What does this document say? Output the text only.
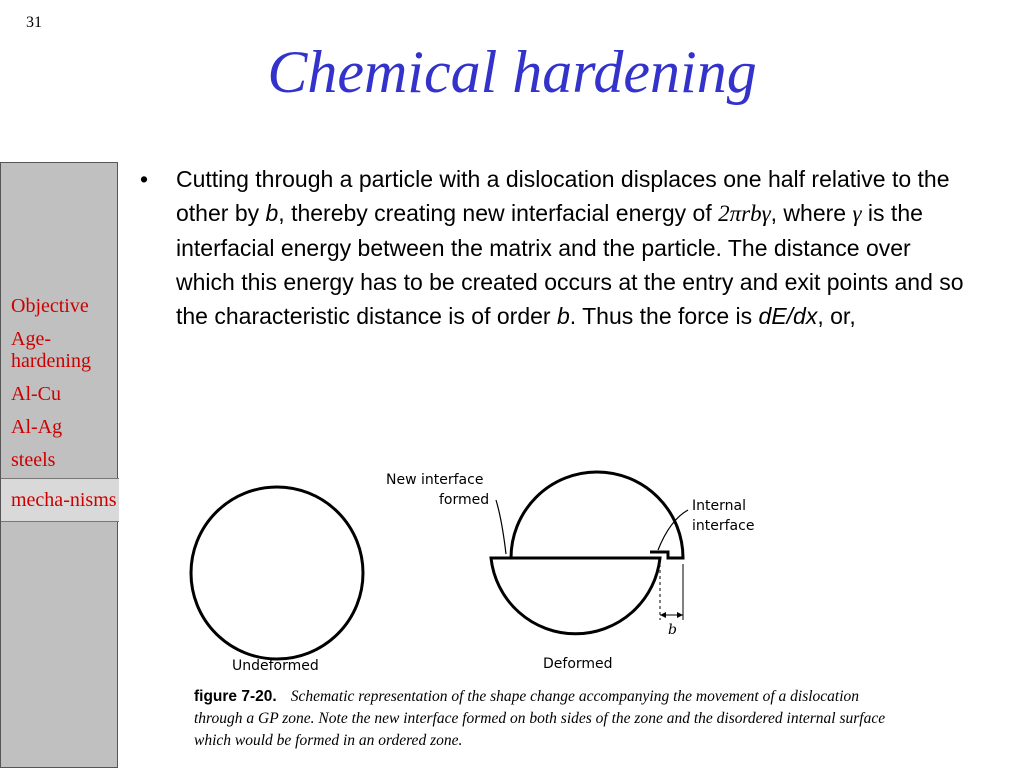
31
Chemical hardening
Objective
Age-hardening
Al-Cu
Al-Ag
steels
mecha-nisms
•	Cutting through a particle with a dislocation displaces one half relative to the other by b, thereby creating new interfacial energy of 2πrbγ, where γ is the interfacial energy between the matrix and the particle. The distance over which this energy has to be created occurs at the entry and exit points and so the characteristic distance is of order b. Thus the force is dE/dx, or,
New interface
formed	Internal
interface
b
Undeformed	Deformed
figure 7-20. Schematic representation of the shape change accompanying the movement of a dislocation through a GP zone. Note the new interface formed on both sides of the zone and the disordered internal surface which would be formed in an ordered zone.
